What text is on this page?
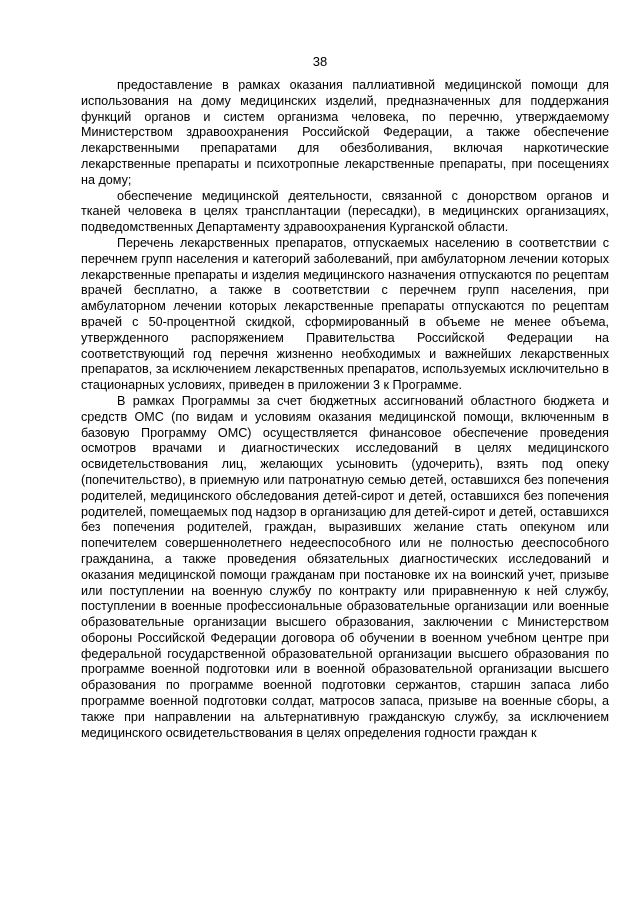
38

предоставление в рамках оказания паллиативной медицинской помощи для использования на дому медицинских изделий, предназначенных для поддержания функций органов и систем организма человека, по перечню, утверждаемому Министерством здравоохранения Российской Федерации, а также обеспечение лекарственными препаратами для обезболивания, включая наркотические лекарственные препараты и психотропные лекарственные препараты, при посещениях на дому;

обеспечение медицинской деятельности, связанной с донорством органов и тканей человека в целях трансплантации (пересадки), в медицинских организациях, подведомственных Департаменту здравоохранения Курганской области.

Перечень лекарственных препаратов, отпускаемых населению в соответствии с перечнем групп населения и категорий заболеваний, при амбулаторном лечении которых лекарственные препараты и изделия медицинского назначения отпускаются по рецептам врачей бесплатно, а также в соответствии с перечнем групп населения, при амбулаторном лечении которых лекарственные препараты отпускаются по рецептам врачей с 50-процентной скидкой, сформированный в объеме не менее объема, утвержденного распоряжением Правительства Российской Федерации на соответствующий год перечня жизненно необходимых и важнейших лекарственных препаратов, за исключением лекарственных препаратов, используемых исключительно в стационарных условиях, приведен в приложении 3 к Программе.

В рамках Программы за счет бюджетных ассигнований областного бюджета и средств ОМС (по видам и условиям оказания медицинской помощи, включенным в базовую Программу ОМС) осуществляется финансовое обеспечение проведения осмотров врачами и диагностических исследований в целях медицинского освидетельствования лиц, желающих усыновить (удочерить), взять под опеку (попечительство), в приемную или патронатную семью детей, оставшихся без попечения родителей, медицинского обследования детей-сирот и детей, оставшихся без попечения родителей, помещаемых под надзор в организацию для детей-сирот и детей, оставшихся без попечения родителей, граждан, выразивших желание стать опекуном или попечителем совершеннолетнего недееспособного или не полностью дееспособного гражданина, а также проведения обязательных диагностических исследований и оказания медицинской помощи гражданам при постановке их на воинский учет, призыве или поступлении на военную службу по контракту или приравненную к ней службу, поступлении в военные профессиональные образовательные организации или военные образовательные организации высшего образования, заключении с Министерством обороны Российской Федерации договора об обучении в военном учебном центре при федеральной государственной образовательной организации высшего образования по программе военной подготовки или в военной образовательной организации высшего образования по программе военной подготовки сержантов, старшин запаса либо программе военной подготовки солдат, матросов запаса, призыве на военные сборы, а также при направлении на альтернативную гражданскую службу, за исключением медицинского освидетельствования в целях определения годности граждан к
